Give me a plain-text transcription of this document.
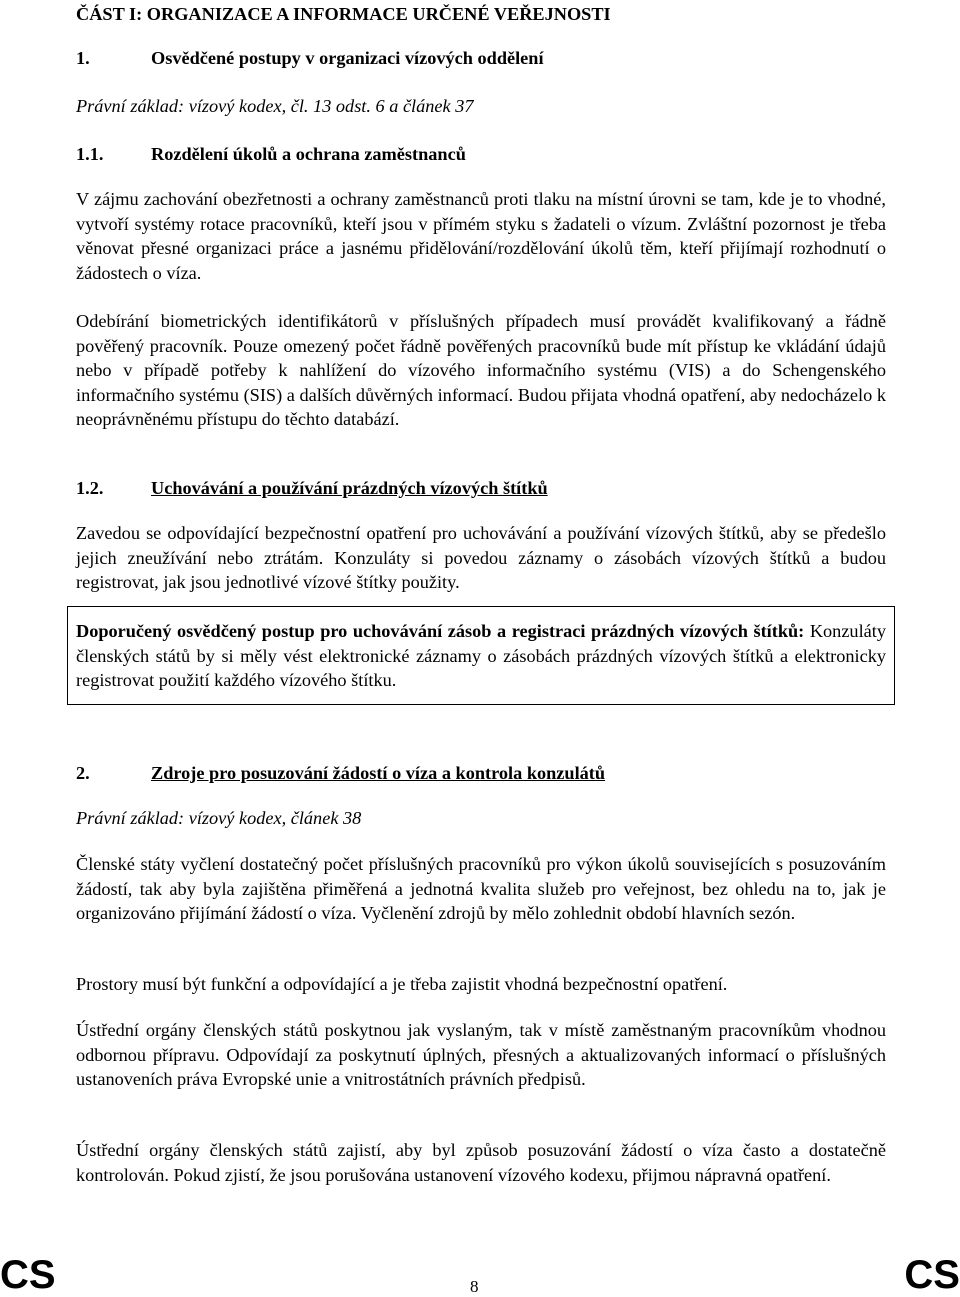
ČÁST I: ORGANIZACE A INFORMACE URČENÉ VEŘEJNOSTI
1.	Osvědčené postupy v organizaci vízových oddělení
Právní základ: vízový kodex, čl. 13 odst. 6 a článek 37
1.1.	Rozdělení úkolů a ochrana zaměstnanců

V zájmu zachování obezřetnosti a ochrany zaměstnanců proti tlaku na místní úrovni se tam, kde je to vhodné, vytvoří systémy rotace pracovníků, kteří jsou v přímém styku s žadateli o vízum. Zvláštní pozornost je třeba věnovat přesné organizaci práce a jasnému přidělování/rozdělování úkolů těm, kteří přijímají rozhodnutí o žádostech o víza.

Odebírání biometrických identifikátorů v příslušných případech musí provádět kvalifikovaný a řádně pověřený pracovník. Pouze omezený počet řádně pověřených pracovníků bude mít přístup ke vkládání údajů nebo v případě potřeby k nahlížení do vízového informačního systému (VIS) a do Schengenského informačního systému (SIS) a dalších důvěrných informací. Budou přijata vhodná opatření, aby nedocházelo k neoprávněnému přístupu do těchto databází.

1.2.	Uchovávání a používání prázdných vízových štítků

Zavedou se odpovídající bezpečnostní opatření pro uchovávání a používání vízových štítků, aby se předešlo jejich zneužívání nebo ztrátám. Konzuláty si povedou záznamy o zásobách vízových štítků a budou registrovat, jak jsou jednotlivé vízové štítky použity.

Doporučený osvědčený postup pro uchovávání zásob a registraci prázdných vízových štítků: Konzuláty členských států by si měly vést elektronické záznamy o zásobách prázdných vízových štítků a elektronicky registrovat použití každého vízového štítku.

2.	Zdroje pro posuzování žádostí o víza a kontrola konzulátů
Právní základ: vízový kodex, článek 38

Členské státy vyčlení dostatečný počet příslušných pracovníků pro výkon úkolů souvisejících s posuzováním žádostí, tak aby byla zajištěna přiměřená a jednotná kvalita služeb pro veřejnost, bez ohledu na to, jak je organizováno přijímání žádostí o víza. Vyčlenění zdrojů by mělo zohlednit období hlavních sezón.

Prostory musí být funkční a odpovídající a je třeba zajistit vhodná bezpečnostní opatření.

Ústřední orgány členských států poskytnou jak vyslaným, tak v místě zaměstnaným pracovníkům vhodnou odbornou přípravu. Odpovídají za poskytnutí úplných, přesných a aktualizovaných informací o příslušných ustanoveních práva Evropské unie a vnitrostátních právních předpisů.

Ústřední orgány členských států zajistí, aby byl způsob posuzování žádostí o víza často a dostatečně kontrolován. Pokud zjistí, že jsou porušována ustanovení vízového kodexu, přijmou nápravná opatření.

CS	8	CS
